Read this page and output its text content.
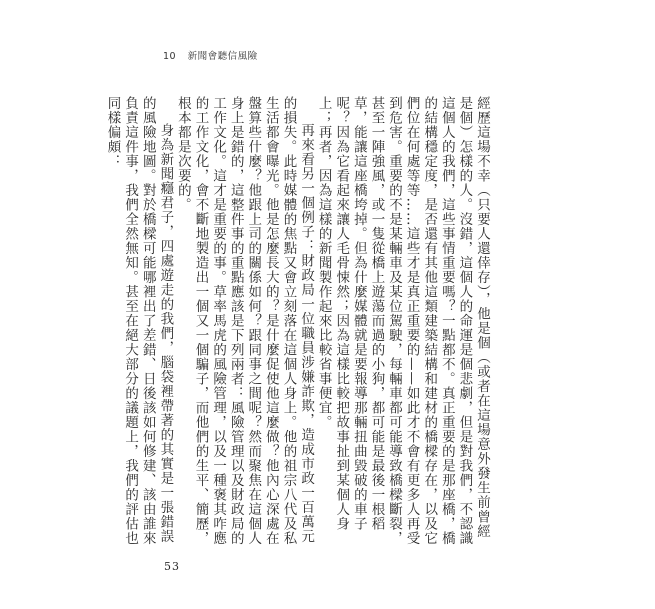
10 新聞會聽信風險

經歷這場不幸（只要人還倖存），他是個（或者在這場意外發生前曾經是個）怎樣的人。沒錯，這個人的命運是個悲劇，但是對我們，不認識這個人的我們，這些事情重要嗎？一點都不。真正重要的是那座橋，橋的結構穩定度，是否還有其他這類建築結構和建材的橋樑存在，以及它們位在何處等等……這些才是真正重要的——如此才不會有更多人再受到危害。重要的不是某輛車及某位駕駛，每輛車都可能導致橋樑斷裂，甚至一陣強風，或一隻從橋上遊蕩而過的小狗，都可能是最後一根稻草，能讓這座橋垮掉。但為什麼媒體就是要報導那輛扭曲毀破的車子呢？因為它看起來讓人毛骨悚然；因為這樣比較把故事扯到某個人身上；再者，因為這樣的新聞製作起來比較省事便宜。

再來看另一個例子：財政局一位職員涉嫌詐欺，造成市政一百萬元的損失。此時媒體的焦點又會立刻落在這個人身上。他的祖宗八代及私生活都會曝光。他是怎麼長大的？是什麼促使他這麼做？他內心深處在盤算些什麼？他跟上司的關係如何？跟同事之間呢？然而聚焦在這個人身上是錯的，這整件事的重點應該是下列兩者：風險管理以及財政局的工作文化。這才是重要的事。草率馬虎的風險管理，以及一種褒其咋應的工作文化，會不斷地製造出一個又一個騙子，而他們的生平、簡歷，根本都是次要的。

身為新聞癮君子，四處遊走的我們，腦袋裡帶著的其實是一張錯誤的風險地圖。對於橋樑可能哪裡出了差錯、日後該如何修建、該由誰來負責這件事，我們全然無知。甚至在絕大部分的議題上，我們的評估也同樣偏頗：

53
